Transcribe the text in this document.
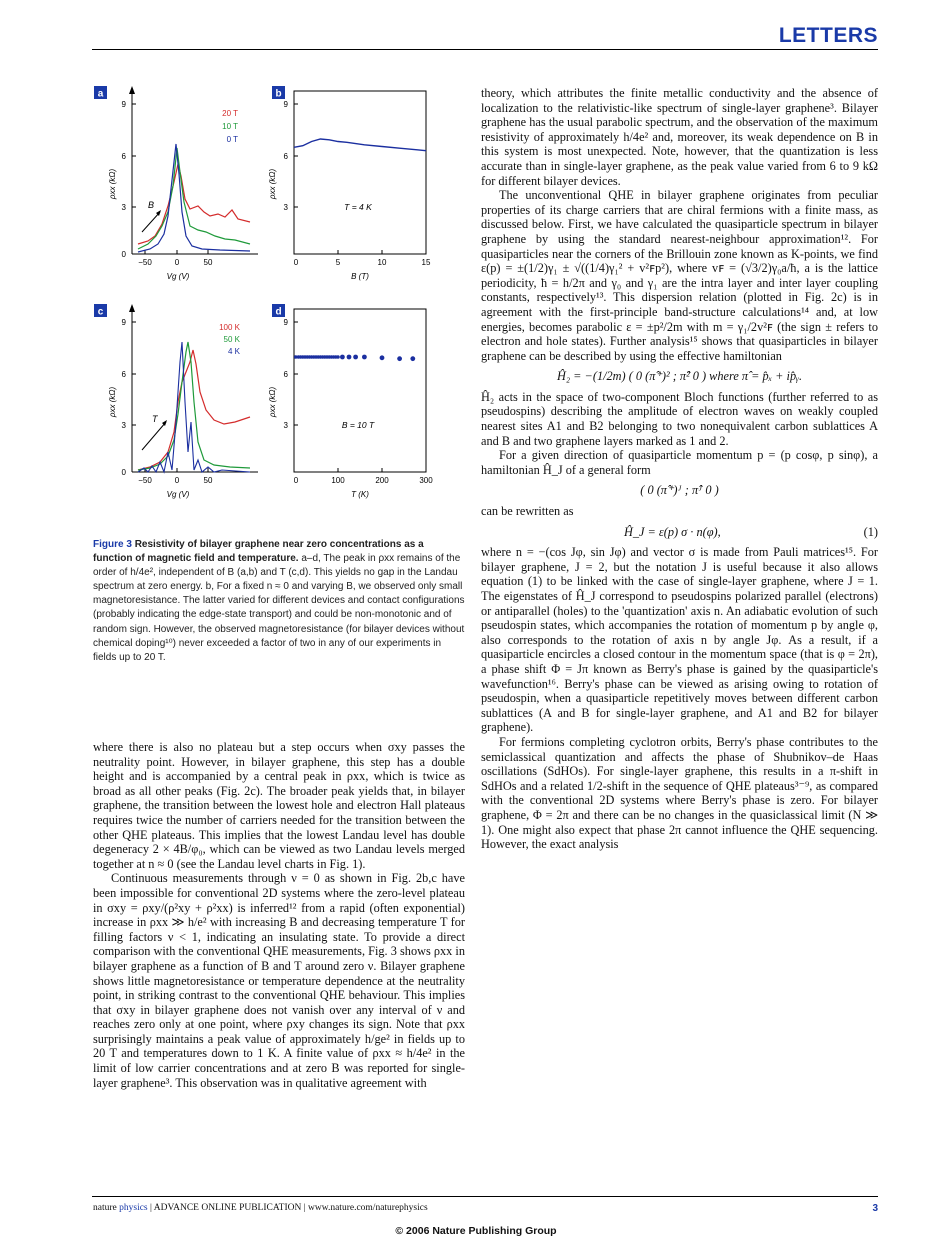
LETTERS
a
0
3
6
9
−50	0	50
Vg (V)
ρxx (kΩ)
20 T
10 T
0 T
B
b
3
6
9
0	5	10	15
B (T)
ρxx (kΩ)
T = 4 K
c
0
3
6
9
−50	0	50
Vg (V)
ρxx (kΩ)
100 K
50 K
4 K
T
d
3
6
9
0	100	200	300
T (K)
ρxx (kΩ)
B = 10 T
Figure 3 Resistivity of bilayer graphene near zero concentrations as a function of magnetic field and temperature. a–d, The peak in ρxx remains of the order of h/4e², independent of B (a,b) and T (c,d). This yields no gap in the Landau spectrum at zero energy. b, For a fixed n ≈ 0 and varying B, we observed only small magnetoresistance. The latter varied for different devices and contact configurations (probably indicating the edge-state transport) and could be non-monotonic and of random sign. However, the observed magnetoresistance (for bilayer devices without chemical doping¹⁰) never exceeded a factor of two in any of our experiments in fields up to 20 T.

where there is also no plateau but a step occurs when σxy passes the neutrality point. However, in bilayer graphene, this step has a double height and is accompanied by a central peak in ρxx, which is twice as broad as all other peaks (Fig. 2c). The broader peak yields that, in bilayer graphene, the transition between the lowest hole and electron Hall plateaus requires twice the number of carriers needed for the transition between the other QHE plateaus. This implies that the lowest Landau level has double degeneracy 2 × 4B/φ₀, which can be viewed as two Landau levels merged together at n ≈ 0 (see the Landau level charts in Fig. 1).

Continuous measurements through ν = 0 as shown in Fig. 2b,c have been impossible for conventional 2D systems where the zero-level plateau in σxy = ρxy/(ρ²xy + ρ²xx) is inferred¹² from a rapid (often exponential) increase in ρxx ≫ h/e² with increasing B and decreasing temperature T for filling factors ν < 1, indicating an insulating state. To provide a direct comparison with the conventional QHE measurements, Fig. 3 shows ρxx in bilayer graphene as a function of B and T around zero ν. Bilayer graphene shows little magnetoresistance or temperature dependence at the neutrality point, in striking contrast to the conventional QHE behaviour. This implies that σxy in bilayer graphene does not vanish over any interval of ν and reaches zero only at one point, where ρxy changes its sign. Note that ρxx surprisingly maintains a peak value of approximately h/ge² in fields up to 20 T and temperatures down to 1 K. A finite value of ρxx ≈ h/4e² in the limit of low carrier concentrations and at zero B was reported for single-layer graphene³. This observation was in qualitative agreement with

theory, which attributes the finite metallic conductivity and the absence of localization to the relativistic-like spectrum of single-layer graphene³. Bilayer graphene has the usual parabolic spectrum, and the observation of the maximum resistivity of approximately h/4e² and, moreover, its weak dependence on B in this system is most unexpected. Note, however, that the quantization is less accurate than in single-layer graphene, as the peak value varied from 6 to 9 kΩ for different bilayer devices.

The unconventional QHE in bilayer graphene originates from peculiar properties of its charge carriers that are chiral fermions with a finite mass, as discussed below. First, we have calculated the quasiparticle spectrum in bilayer graphene by using the standard nearest-neighbour approximation¹². For quasiparticles near the corners of the Brillouin zone known as K-points, we find ε(p) = ±(1/2)γ₁ ± √((1/4)γ₁² + v²ꜰp²), where vꜰ = (√3/2)γ₀a/ħ, a is the lattice periodicity, ħ = h/2π and γ₀ and γ₁ are the intra layer and inter layer coupling constants, respectively¹³. This dispersion relation (plotted in Fig. 2c) is in agreement with the first-principle band-structure calculations¹⁴ and, at low energies, becomes parabolic ε = ±p²/2m with m = γ₁/2v²ꜰ (the sign ± refers to electron and hole states). Further analysis¹⁵ shows that quasiparticles in bilayer graphene can be described by using the effective hamiltonian

Ĥ₂ = −(1/2m) ( 0 (π̂⁺)² ; π̂² 0 ) where π̂ = p̂ₓ + ip̂ᵧ.

Ĥ₂ acts in the space of two-component Bloch functions (further referred to as pseudospins) describing the amplitude of electron waves on weakly coupled nearest sites A1 and B2 belonging to two nonequivalent carbon sublattices A and B and two graphene layers marked as 1 and 2.

For a given direction of quasiparticle momentum p = (p cosφ, p sinφ), a hamiltonian Ĥ_J of a general form

( 0 (π̂⁺)ᴶ ; π̂ᴶ 0 )

can be rewritten as

Ĥ_J = ε(p) σ · n(φ),	(1)

where n = −(cos Jφ, sin Jφ) and vector σ is made from Pauli matrices¹⁵. For bilayer graphene, J = 2, but the notation J is useful because it also allows equation (1) to be linked with the case of single-layer graphene, where J = 1. The eigenstates of Ĥ_J correspond to pseudospins polarized parallel (electrons) or antiparallel (holes) to the 'quantization' axis n. An adiabatic evolution of such pseudospin states, which accompanies the rotation of momentum p by angle φ, also corresponds to the rotation of axis n by angle Jφ. As a result, if a quasiparticle encircles a closed contour in the momentum space (that is φ = 2π), a phase shift Φ = Jπ known as Berry's phase is gained by the quasiparticle's wavefunction¹⁶. Berry's phase can be viewed as arising owing to rotation of pseudospin, when a quasiparticle repetitively moves between different carbon sublattices (A and B for single-layer graphene, and A1 and B2 for bilayer graphene).

For fermions completing cyclotron orbits, Berry's phase contributes to the semiclassical quantization and affects the phase of Shubnikov–de Haas oscillations (SdHOs). For single-layer graphene, this results in a π-shift in SdHOs and a related 1/2-shift in the sequence of QHE plateaus³⁻⁹, as compared with the conventional 2D systems where Berry's phase is zero. For bilayer graphene, Φ = 2π and there can be no changes in the quasiclassical limit (N ≫ 1). One might also expect that phase 2π cannot influence the QHE sequencing. However, the exact analysis

nature physics | ADVANCE ONLINE PUBLICATION | www.nature.com/naturephysics	3
© 2006 Nature Publishing Group
